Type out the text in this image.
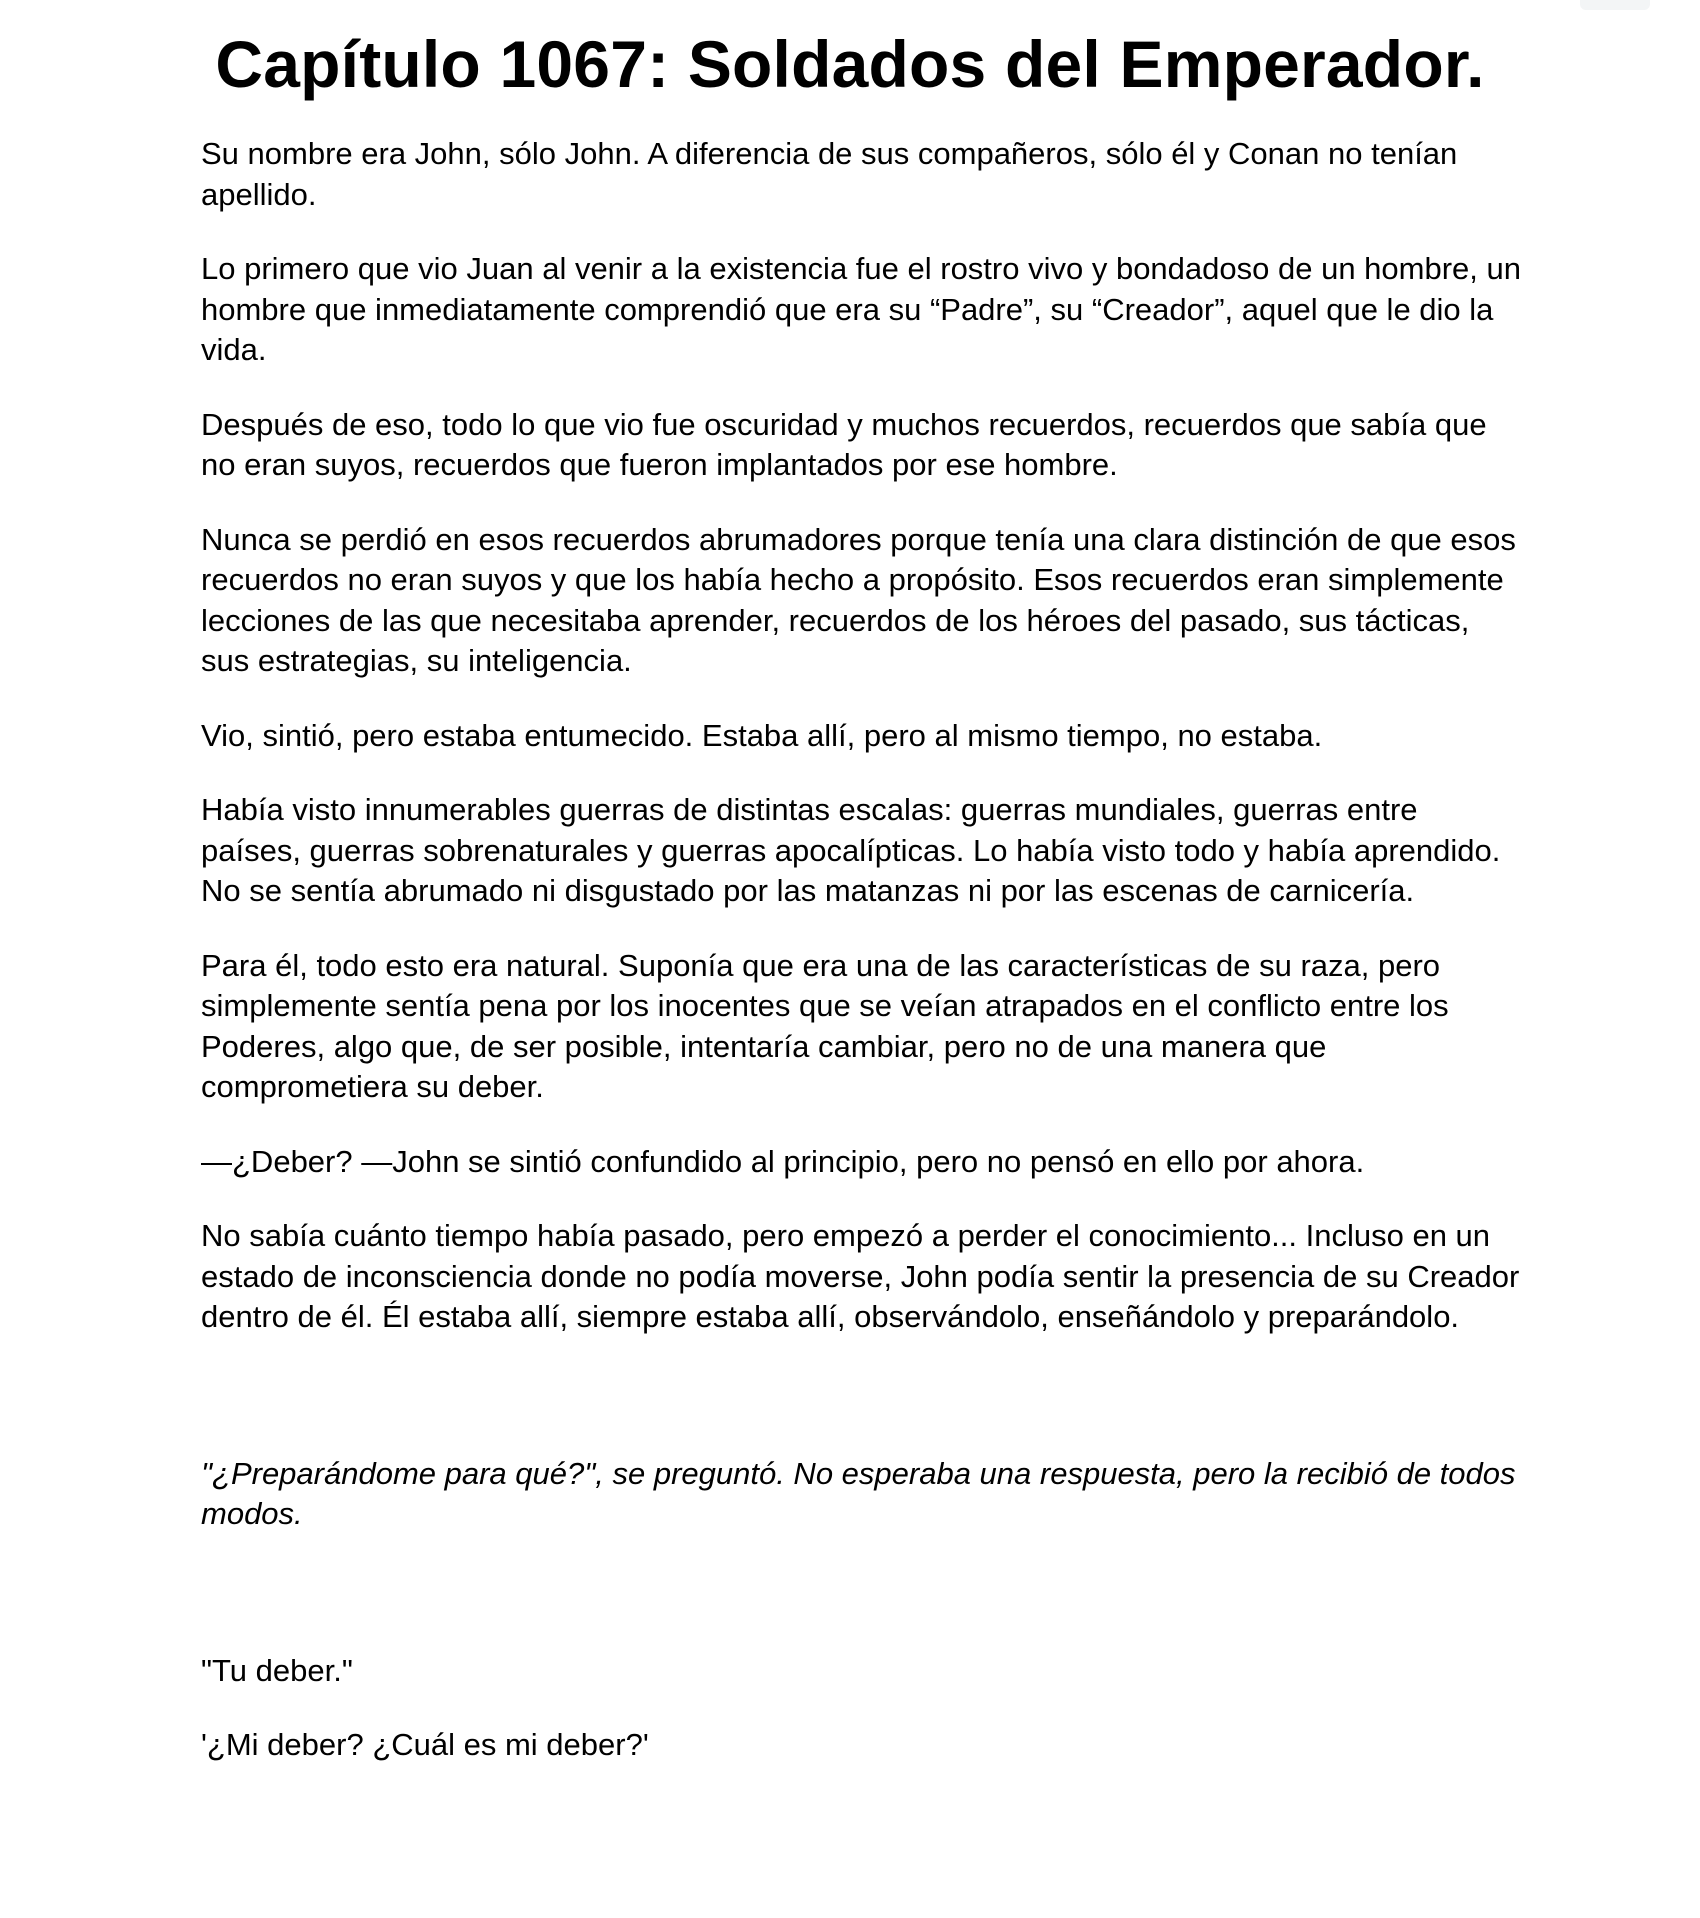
Capítulo 1067: Soldados del Emperador.

Su nombre era John, sólo John. A diferencia de sus compañeros, sólo él y Conan no tenían apellido.

Lo primero que vio Juan al venir a la existencia fue el rostro vivo y bondadoso de un hombre, un hombre que inmediatamente comprendió que era su “Padre”, su “Creador”, aquel que le dio la vida.

Después de eso, todo lo que vio fue oscuridad y muchos recuerdos, recuerdos que sabía que no eran suyos, recuerdos que fueron implantados por ese hombre.

Nunca se perdió en esos recuerdos abrumadores porque tenía una clara distinción de que esos recuerdos no eran suyos y que los había hecho a propósito. Esos recuerdos eran simplemente lecciones de las que necesitaba aprender, recuerdos de los héroes del pasado, sus tácticas, sus estrategias, su inteligencia.

Vio, sintió, pero estaba entumecido. Estaba allí, pero al mismo tiempo, no estaba.

Había visto innumerables guerras de distintas escalas: guerras mundiales, guerras entre países, guerras sobrenaturales y guerras apocalípticas. Lo había visto todo y había aprendido. No se sentía abrumado ni disgustado por las matanzas ni por las escenas de carnicería.

Para él, todo esto era natural. Suponía que era una de las características de su raza, pero simplemente sentía pena por los inocentes que se veían atrapados en el conflicto entre los Poderes, algo que, de ser posible, intentaría cambiar, pero no de una manera que comprometiera su deber.

—¿Deber? —John se sintió confundido al principio, pero no pensó en ello por ahora.

No sabía cuánto tiempo había pasado, pero empezó a perder el conocimiento... Incluso en un estado de inconsciencia donde no podía moverse, John podía sentir la presencia de su Creador dentro de él. Él estaba allí, siempre estaba allí, observándolo, enseñándolo y preparándolo.

"¿Preparándome para qué?", se preguntó. No esperaba una respuesta, pero la recibió de todos modos.

"Tu deber."

'¿Mi deber? ¿Cuál es mi deber?'
